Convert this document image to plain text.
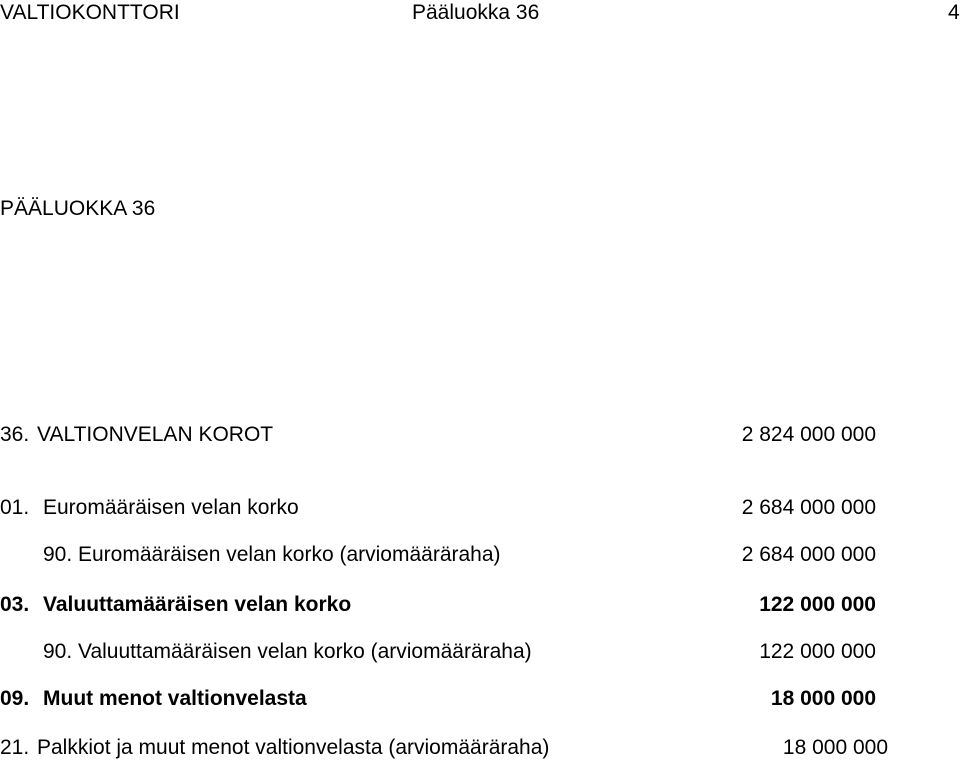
VALTIOKONTTORI	Pääluokka 36	4
PÄÄLUOKKA 36
36. VALTIONVELAN KOROT	2 824 000 000
01. Euromääräisen velan korko	2 684 000 000
90. Euromääräisen velan korko (arviomääräraha)	2 684 000 000
03. Valuuttamääräisen velan korko	122 000 000
90. Valuuttamääräisen velan korko (arviomääräraha)	122 000 000
09. Muut menot valtionvelasta	18 000 000
21. Palkkiot ja muut menot valtionvelasta (arviomääräraha)	18 000 000
